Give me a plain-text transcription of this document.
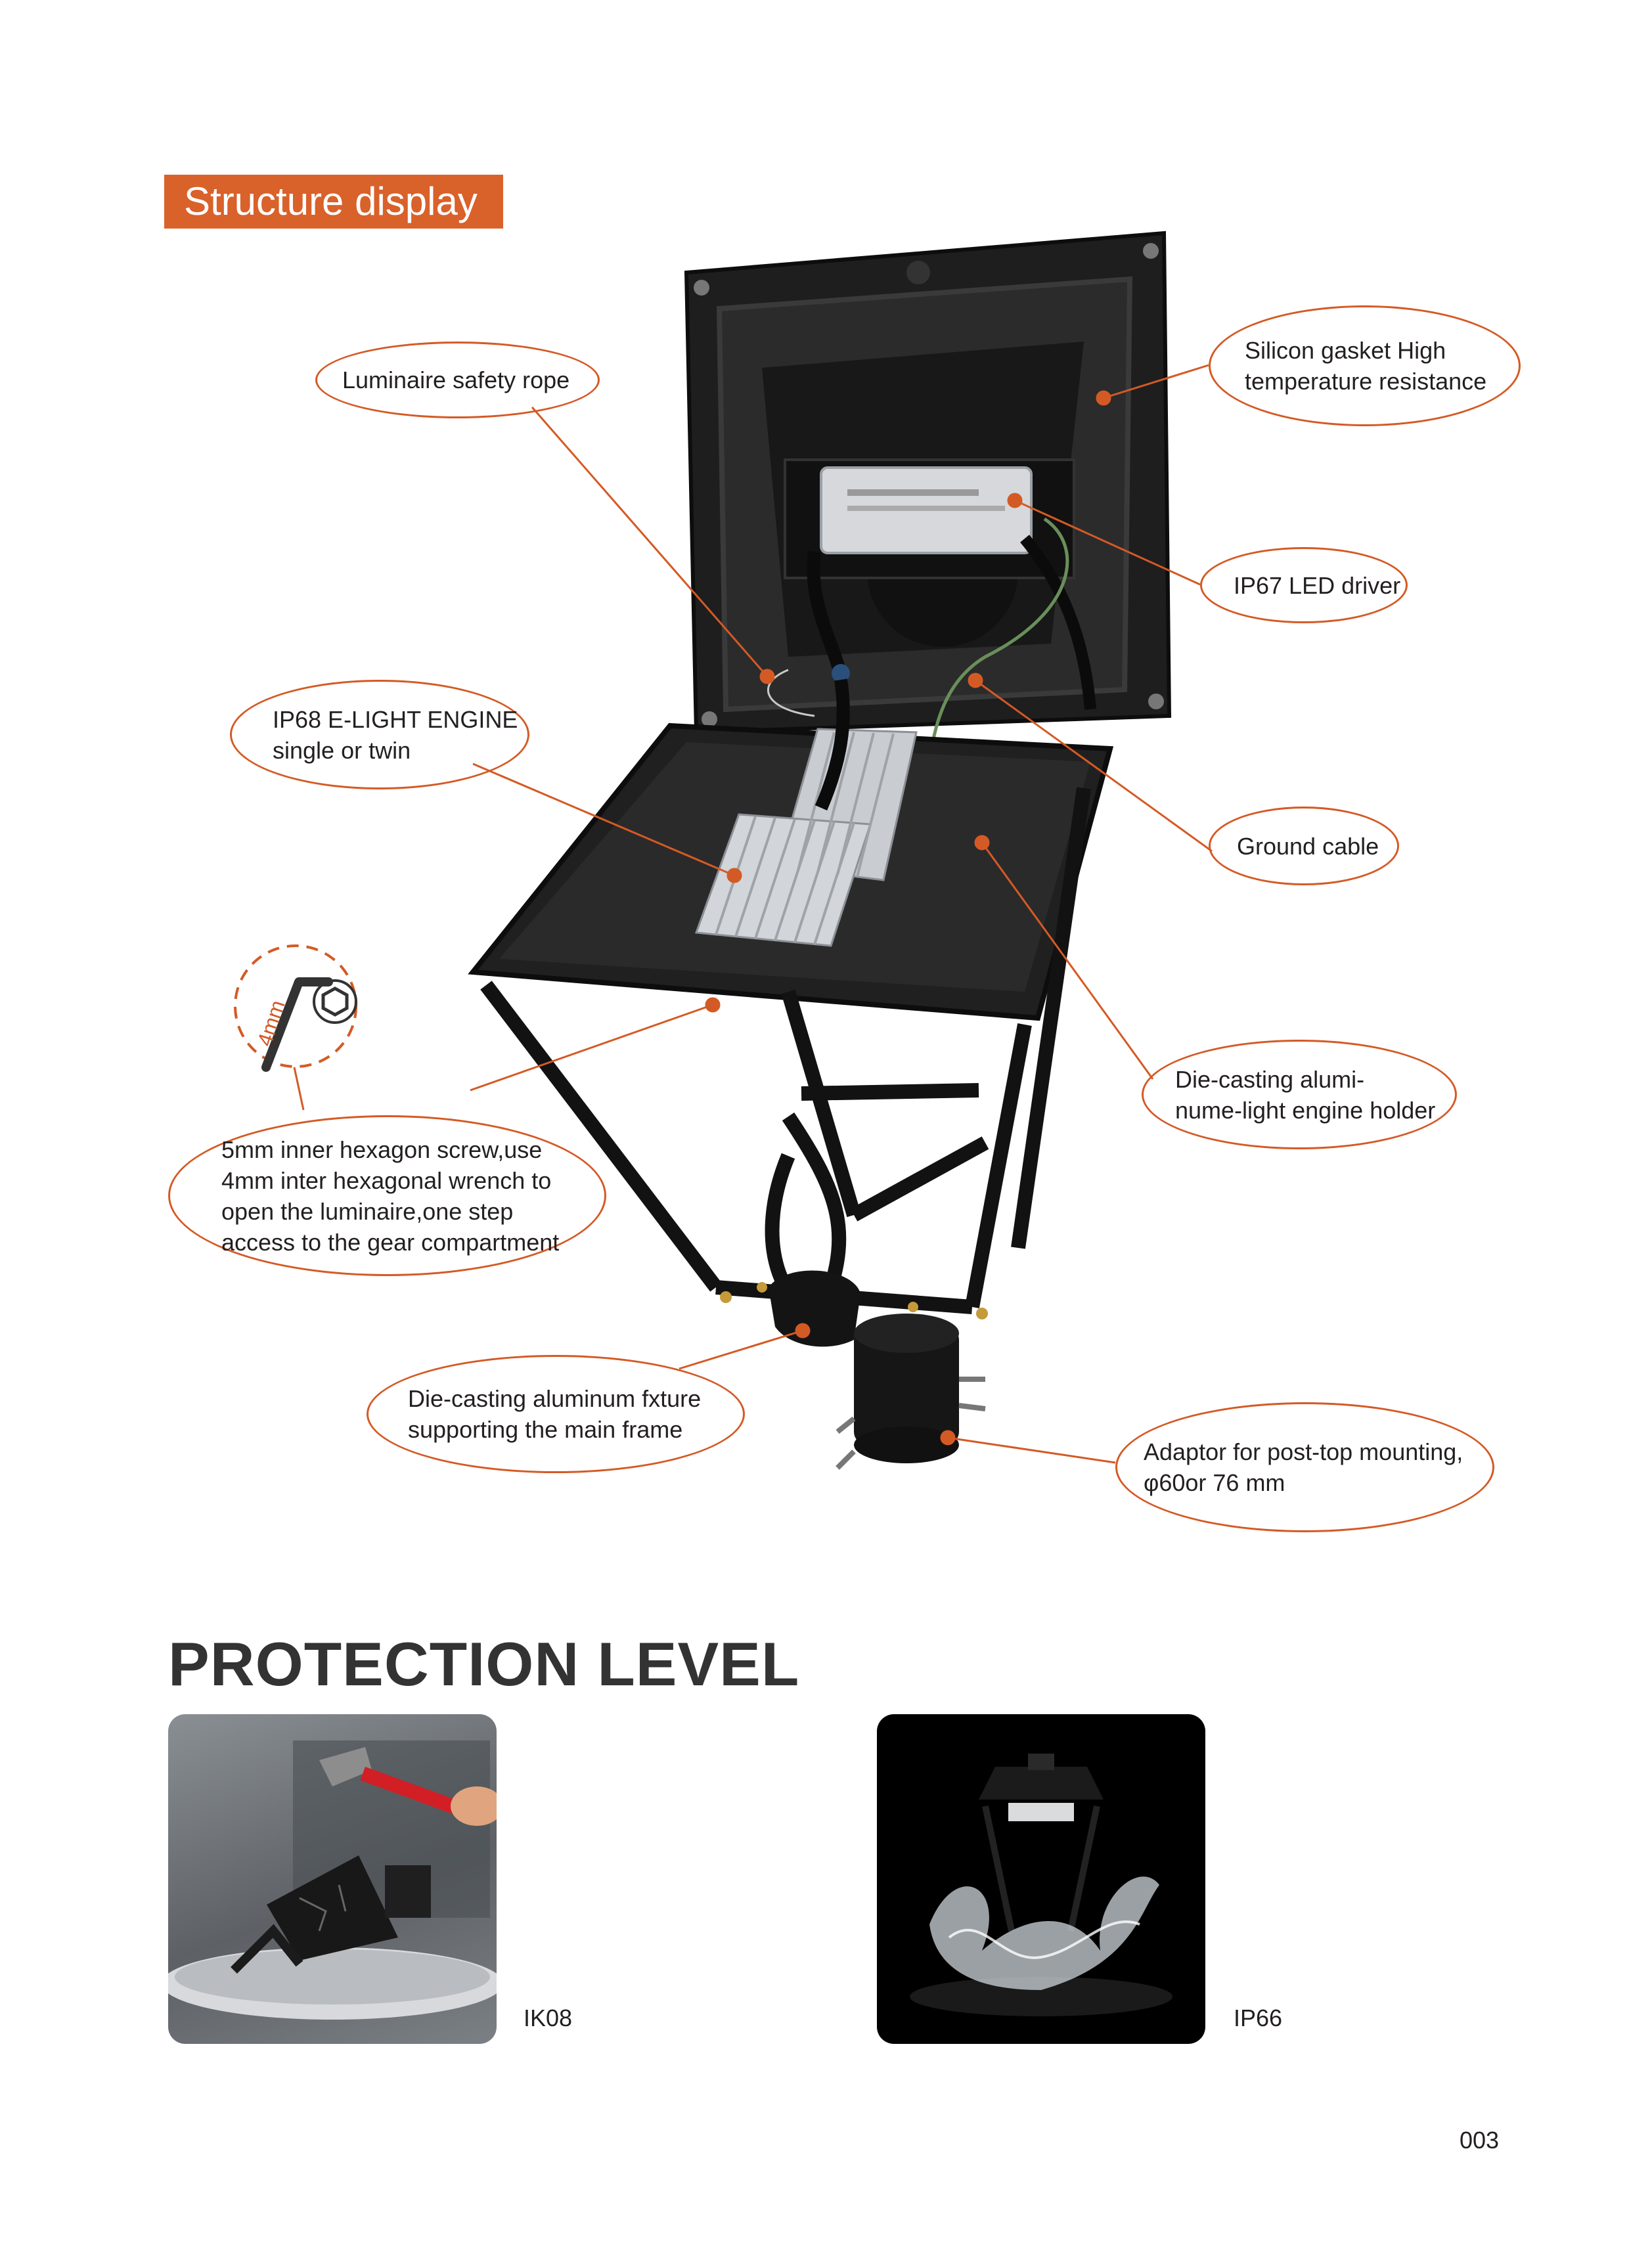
Structure display
4mm
Luminaire safety rope
Silicon gasket High
temperature resistance
IP67 LED driver
IP68 E-LIGHT ENGINE
single or twin
Ground cable
Die-casting alumi-
nume-light engine holder
5mm inner hexagon screw,use
4mm inter hexagonal wrench to
open the luminaire,one step
access to the gear compartment
Die-casting aluminum fxture
supporting the main frame
Adaptor for post-top mounting,
φ60or 76 mm
PROTECTION LEVEL
IK08	IP66
003
